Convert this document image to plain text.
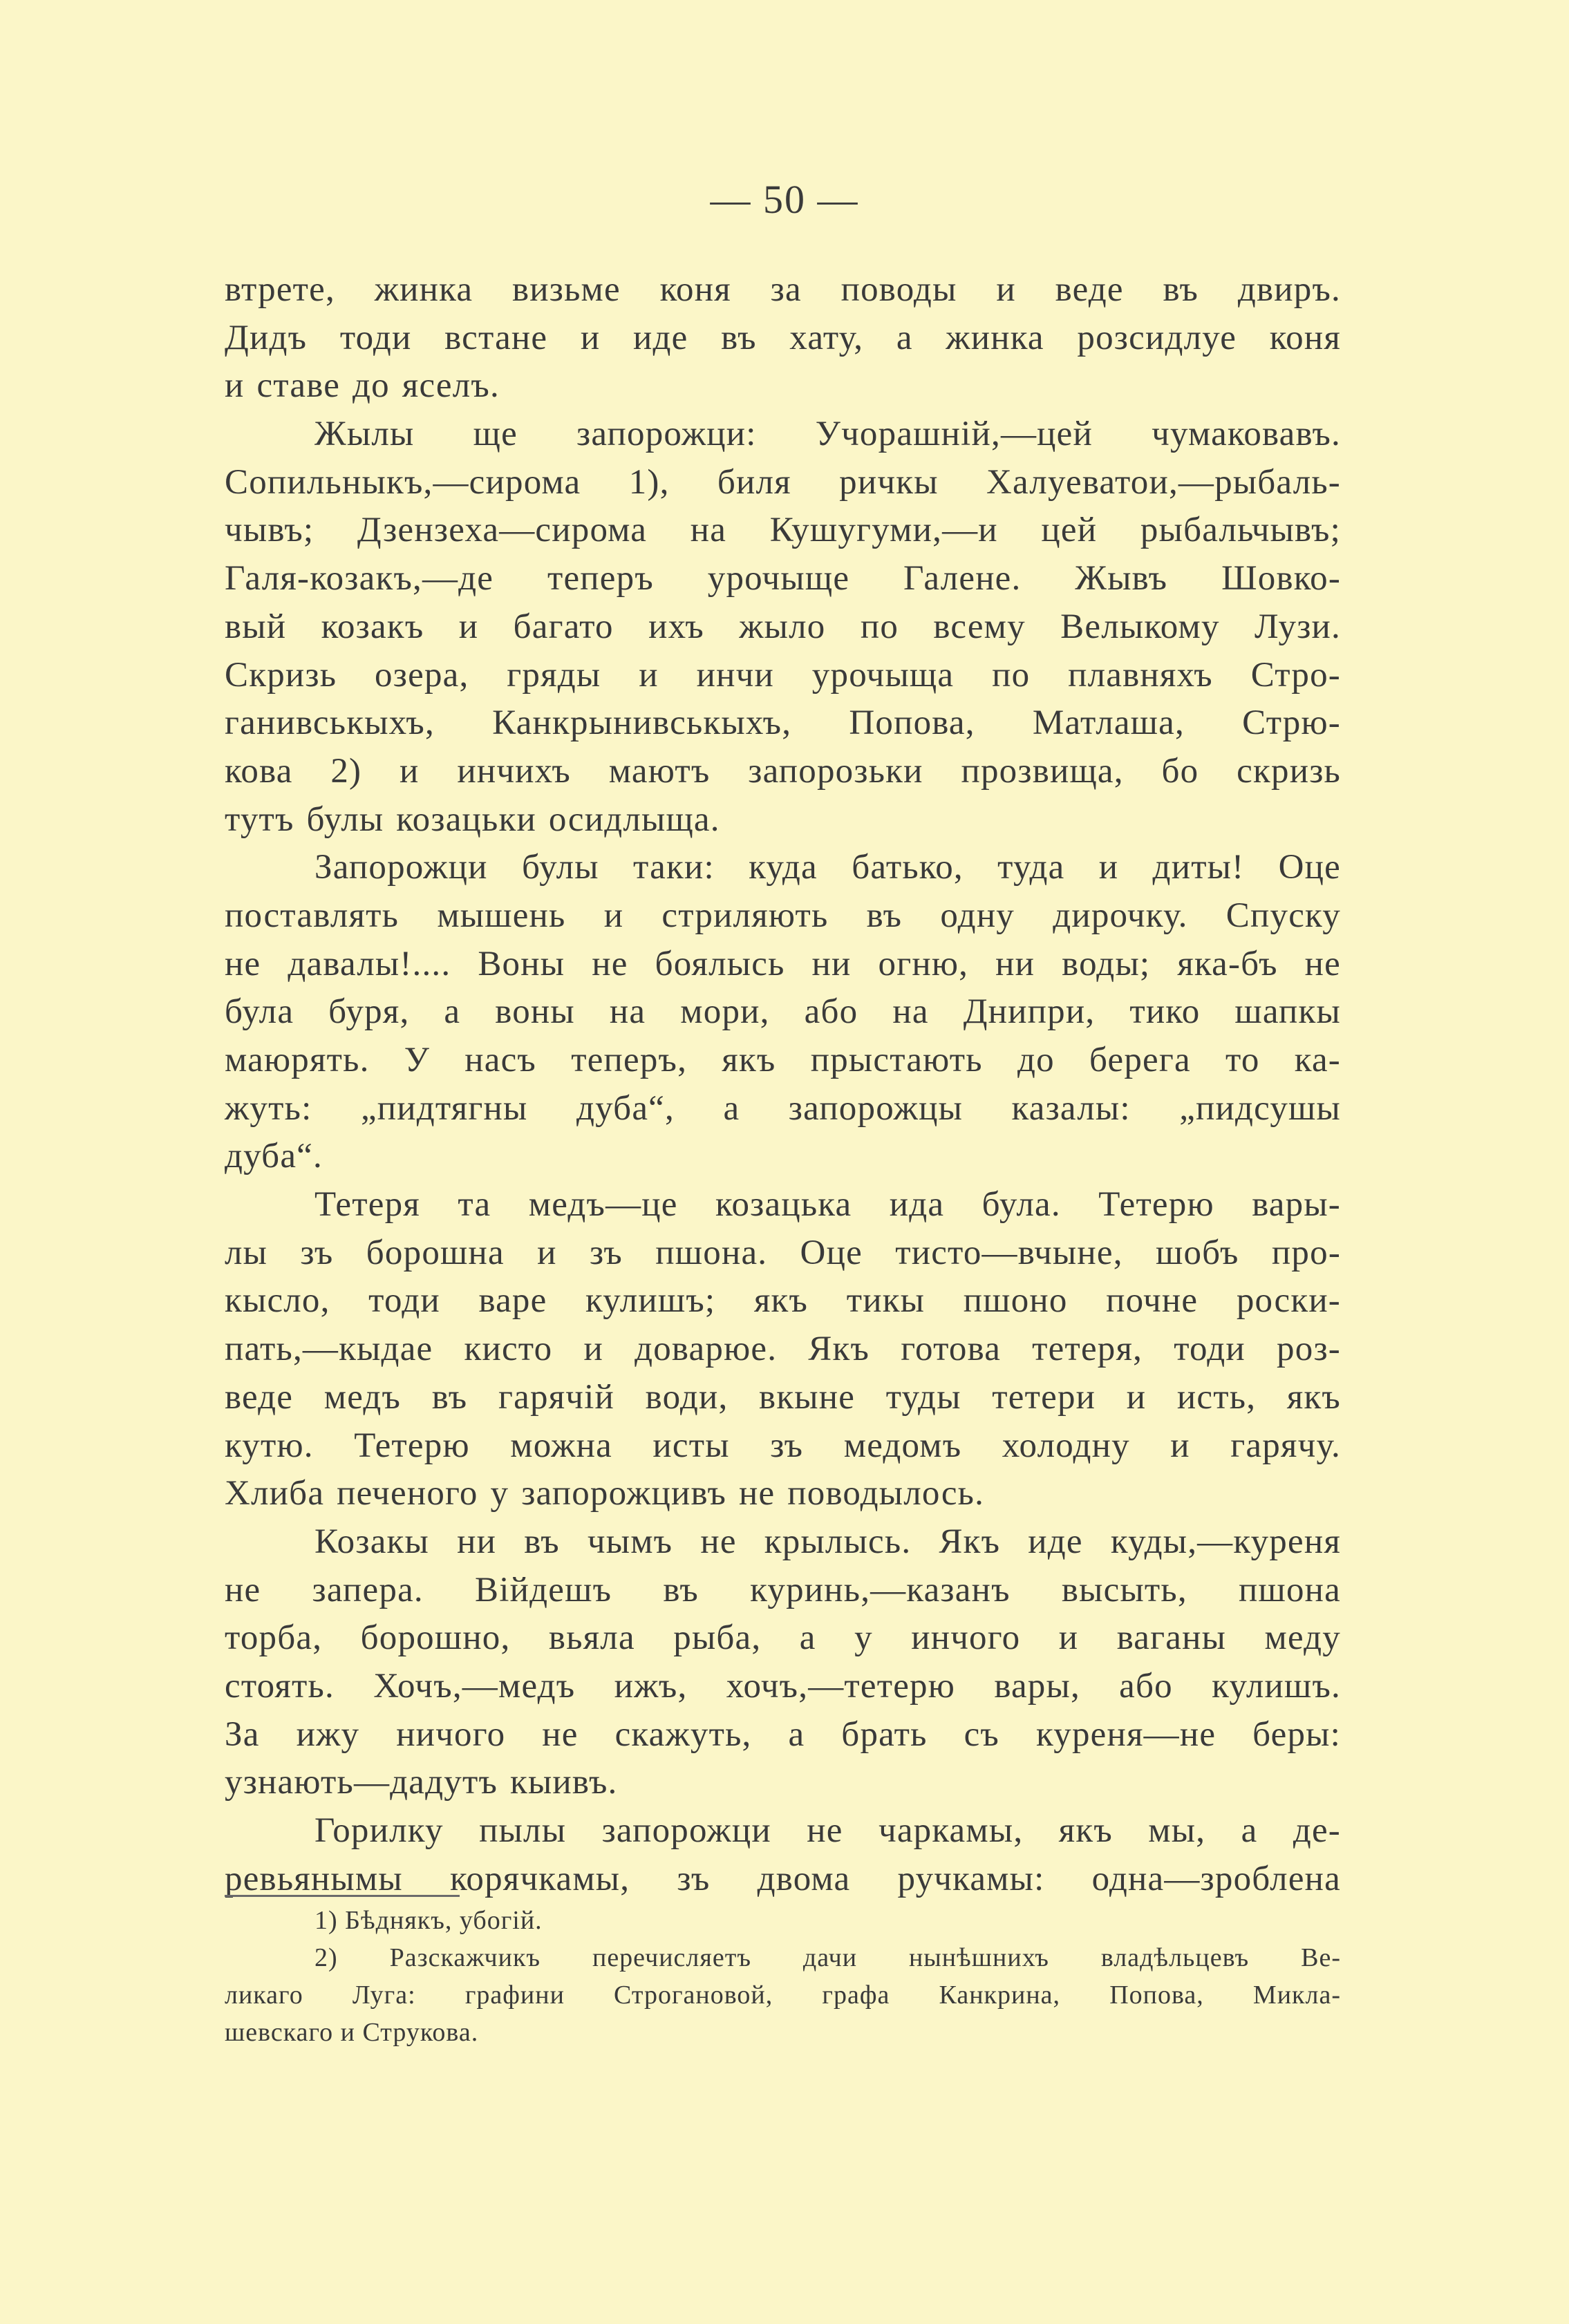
— 50 —
втрете, жинка визьме коня за поводы и веде въ двиръ.
Дидъ тоди встане и иде въ хату, а жинка розсидлуе коня
и ставе до яселъ.
Жылы ще запорожци: Учорашній,—цей чумаковавъ.
Сопильныкъ,—сирома 1), биля ричкы Халуеватои,—рыбаль-
чывъ; Дзензеха—сирома на Кушугуми,—и цей рыбальчывъ;
Галя-козакъ,—де теперъ урочыще Галене. Жывъ Шовко-
вый козакъ и багато ихъ жыло по всему Велыкому Лузи.
Скризь озера, гряды и инчи урочыща по плавняхъ Стро-
ганивськыхъ, Канкрынивськыхъ, Попова, Матлаша, Стрю-
кова 2) и инчихъ маютъ запорозьки прозвища, бо скризь
тутъ булы козацьки осидлыща.
Запорожци булы таки: куда батько, туда и диты! Оце
поставлять мышень и стриляють въ одну дирочку. Спуску
не давалы!.... Воны не боялысь ни огню, ни воды; яка-бъ не
була буря, а воны на мори, або на Днипри, тико шапкы
маюрять. У насъ теперъ, якъ прыстають до берега то ка-
жуть: „пидтягны дуба“, а запорожцы казалы: „пидсушы
дуба“.
Тетеря та медъ—це козацька ида була. Тетерю вары-
лы зъ борошна и зъ пшона. Оце тисто—вчыне, шобъ про-
кысло, тоди варе кулишъ; якъ тикы пшоно почне роски-
пать,—кыдае кисто и доварюе. Якъ готова тетеря, тоди роз-
веде медъ въ гарячій води, вкыне туды тетери и исть, якъ
кутю. Тетерю можна исты зъ медомъ холодну и гарячу.
Хлиба печеного у запорожцивъ не поводылось.
Козакы ни въ чымъ не крылысь. Якъ иде куды,—куреня
не запера. Війдешъ въ куринь,—казанъ высыть, пшона
торба, борошно, вьяла рыба, а у инчого и ваганы меду
стоять. Хочъ,—медъ ижъ, хочъ,—тетерю вары, або кулишъ.
За ижу ничого не скажуть, а брать съ куреня—не беры:
узнають—дадутъ кыивъ.
Горилку пылы запорожци не чаркамы, якъ мы, а де-
ревьянымы корячкамы, зъ двома ручкамы: одна—зроблена
1) Бѣднякъ, убогій.
2) Разскажчикъ перечисляетъ дачи нынѣшнихъ владѣльцевъ Ве-
ликаго Луга: графини Строгановой, графа Канкрина, Попова, Микла-
шевскаго и Струкова.
